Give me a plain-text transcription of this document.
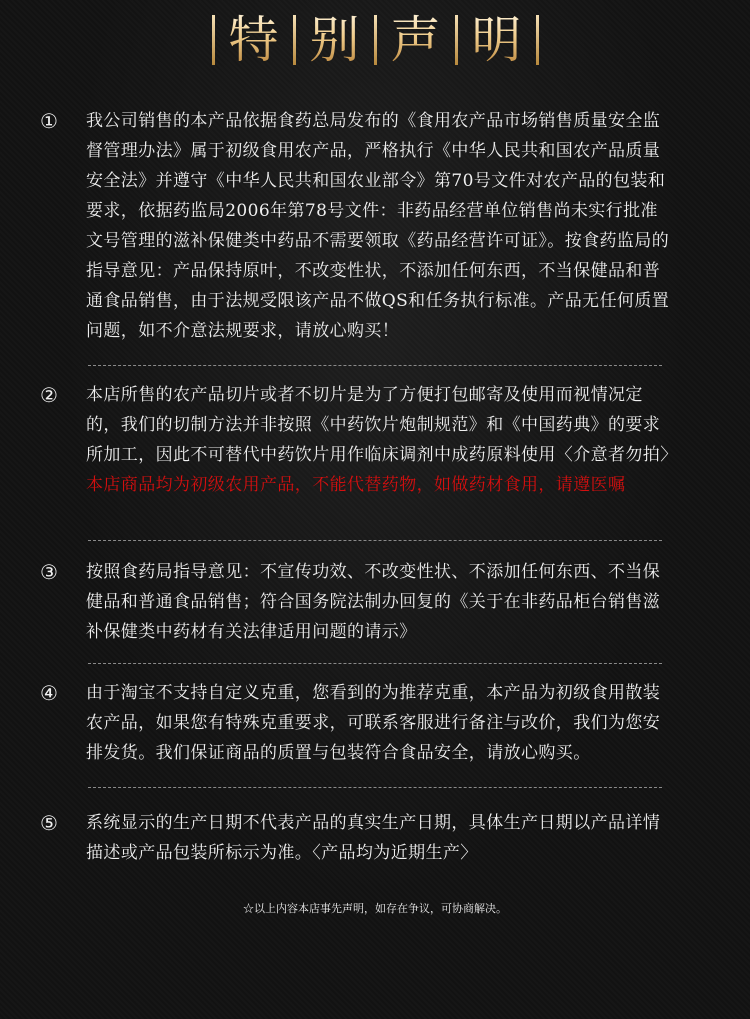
特 别 声 明
①	我公司销售的本产品依据食药总局发布的《食用农产品市场销售质量安全监督管理办法》属于初级食用农产品，严格执行《中华人民共和国农产品质量安全法》并遵守《中华人民共和国农业部令》第70号文件对农产品的包装和要求，依据药监局2006年第78号文件：非药品经营单位销售尚未实行批准文号管理的滋补保健类中药品不需要领取《药品经营许可证》。按食药监局的指导意见：产品保持原叶，不改变性状，不添加任何东西，不当保健品和普通食品销售，由于法规受限该产品不做QS和任务执行标准。产品无任何质置问题，如不介意法规要求，请放心购买！
②	本店所售的农产品切片或者不切片是为了方便打包邮寄及使用而视情况定的，我们的切制方法并非按照《中药饮片炮制规范》和《中国药典》的要求所加工，因此不可替代中药饮片用作临床调剂中成药原料使用〈介意者勿拍〉
本店商品均为初级农用产品，不能代替药物，如做药材食用，请遵医嘱
③	按照食药局指导意见：不宣传功效、不改变性状、不添加任何东西、不当保健品和普通食品销售；符合国务院法制办回复的《关于在非药品柜台销售滋补保健类中药材有关法律适用问题的请示》
④	由于淘宝不支持自定义克重，您看到的为推荐克重，本产品为初级食用散装农产品，如果您有特殊克重要求，可联系客服进行备注与改价，我们为您安排发货。我们保证商品的质置与包装符合食品安全，请放心购买。
⑤	系统显示的生产日期不代表产品的真实生产日期，具体生产日期以产品详情描述或产品包装所标示为准。〈产品均为近期生产〉
☆以上内容本店事先声明，如存在争议，可协商解决。
